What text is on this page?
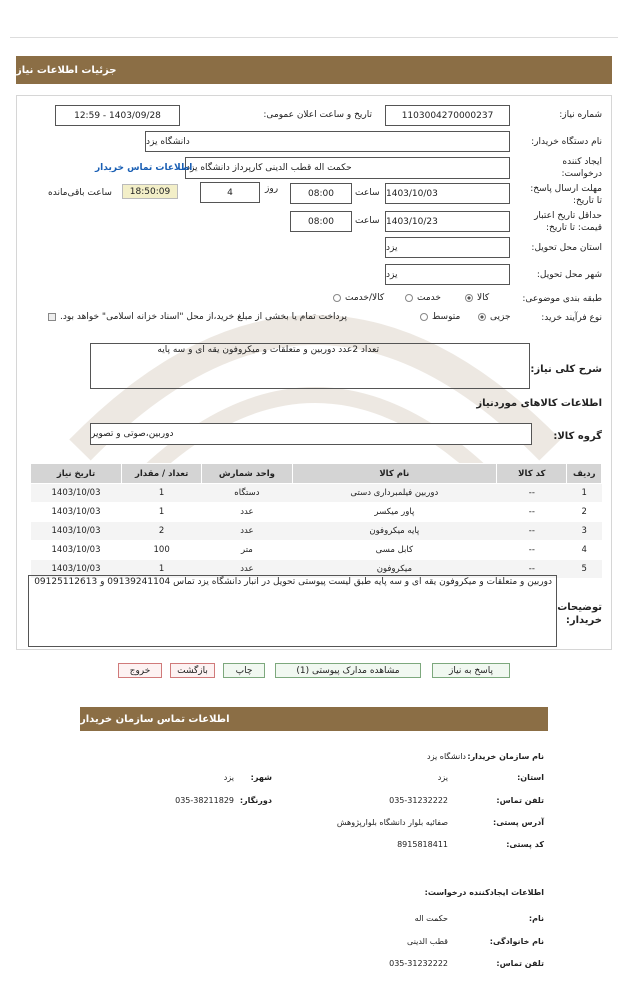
جزئیات اطلاعات نیاز
شماره نیاز:
1103004270000237
تاریخ و ساعت اعلان عمومی:
1403/09/28 - 12:59
نام دستگاه خریدار:
دانشگاه یزد
ایجاد کننده
درخواست:
حکمت اله قطب الدینی کارپرداز دانشگاه یزد
اطلاعات تماس خریدار
مهلت ارسال پاسخ:
تا تاریخ:
1403/10/03
ساعت
08:00
روز
4
18:50:09
ساعت باقی‌مانده
حداقل تاریخ اعتبار
قیمت: تا تاریخ:
1403/10/23
ساعت
08:00
استان محل تحویل:
یزد
شهر محل تحویل:
یزد
طبقه بندی موضوعی:
کالا
خدمت
کالا/خدمت
نوع فرآیند خرید:
جزیی
متوسط
پرداخت تمام یا بخشی از مبلغ خرید،از محل "اسناد خزانه اسلامی" خواهد بود.
شرح کلی نیاز:
تعداد 2عدد دوربین و متعلقات و میکروفون یقه ای و سه پایه
اطلاعات کالاهای موردنیاز
گروه کالا:
دوربین،صوتی و تصویر
ردیف	کد کالا	نام کالا	واحد شمارش	تعداد / مقدار	تاریخ نیاز
1	--	دوربین فیلمبرداری دستی	دستگاه	1	1403/10/03
2	--	پاور میکسر	عدد	1	1403/10/03
3	--	پایه میکروفون	عدد	2	1403/10/03
4	--	کابل مسی	متر	100	1403/10/03
5	--	میکروفون	عدد	1	1403/10/03
توضیحات
خریدار:
دوربین و متعلقات و میکروفون یقه ای و سه پایه طبق لیست پیوستی تحویل در انبار دانشگاه یزد تماس 09139241104 و 09125112613
پاسخ به نیاز
مشاهده مدارک پیوستی (1)
چاپ
بازگشت
خروج
اطلاعات تماس سازمان خریدار
نام سازمان خریدار:
دانشگاه یزد
استان:
یزد
شهر:
یزد
تلفن تماس:
035-31232222
دورنگار:
035-38211829
آدرس پستی:
صفائیه بلوار دانشگاه بلوارپژوهش
کد پستی:
8915818411
اطلاعات ایجادکننده درخواست:
نام:
حکمت اله
نام خانوادگی:
قطب الدینی
تلفن تماس:
035-31232222
